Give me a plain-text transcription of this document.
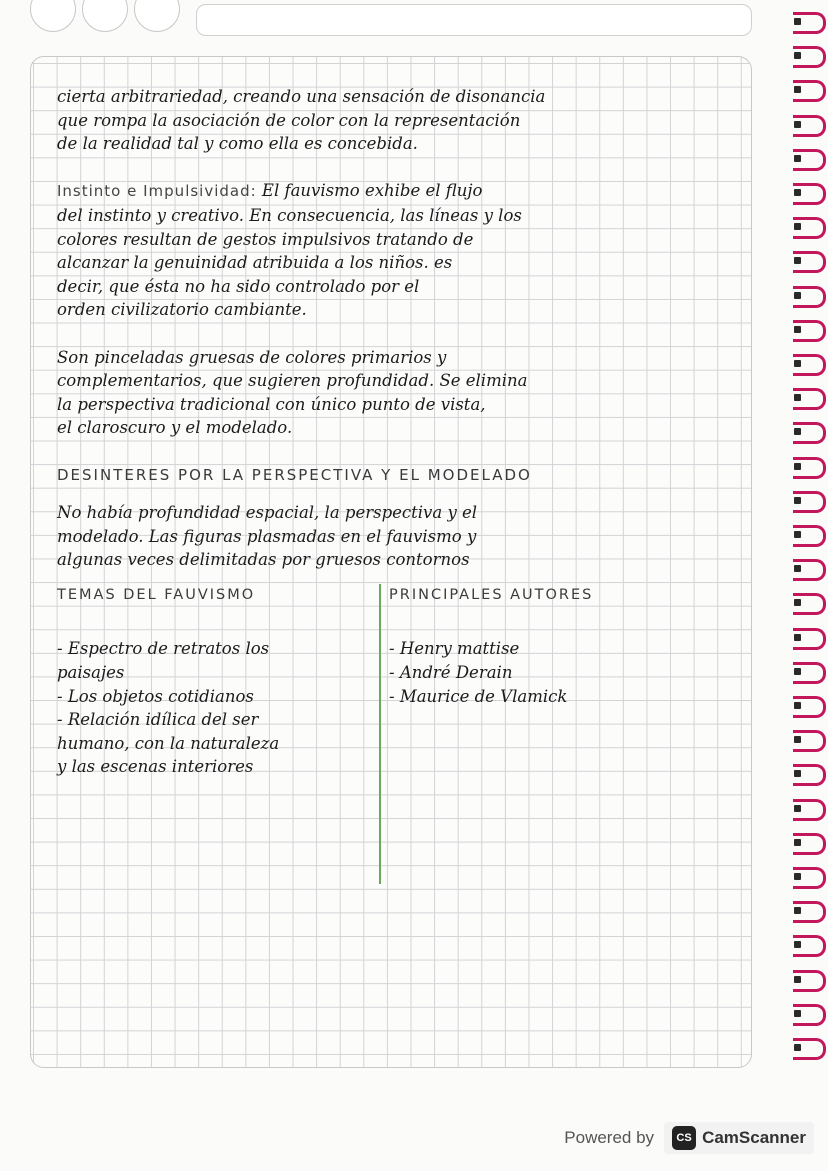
cierta arbitrariedad, creando una sensación de disonancia
que rompa la asociación de color con la representación
de la realidad tal y como ella es concebida.

Instinto e Impulsividad: El fauvismo exhibe el flujo
del instinto y creativo. En consecuencia, las líneas y los
colores resultan de gestos impulsivos tratando de
alcanzar la genuinidad atribuida a los niños. es
decir, que ésta no ha sido controlado por el
orden civilizatorio cambiante.

Son pinceladas gruesas de colores primarios y
complementarios, que sugieren profundidad. Se elimina
la perspectiva tradicional con único punto de vista,
el claroscuro y el modelado.

DESINTERES POR LA PERSPECTIVA Y EL MODELADO

No había profundidad espacial, la perspectiva y el
modelado. Las figuras plasmadas en el fauvismo y
algunas veces delimitadas por gruesos contornos

TEMAS DEL FAUVISMO

- Espectro de retratos los
paisajes
- Los objetos cotidianos
- Relación idílica del ser
humano, con la naturaleza
y las escenas interiores

PRINCIPALES AUTORES

- Henry mattise
- André Derain
- Maurice de Vlamick
Powered by	CS CamScanner
